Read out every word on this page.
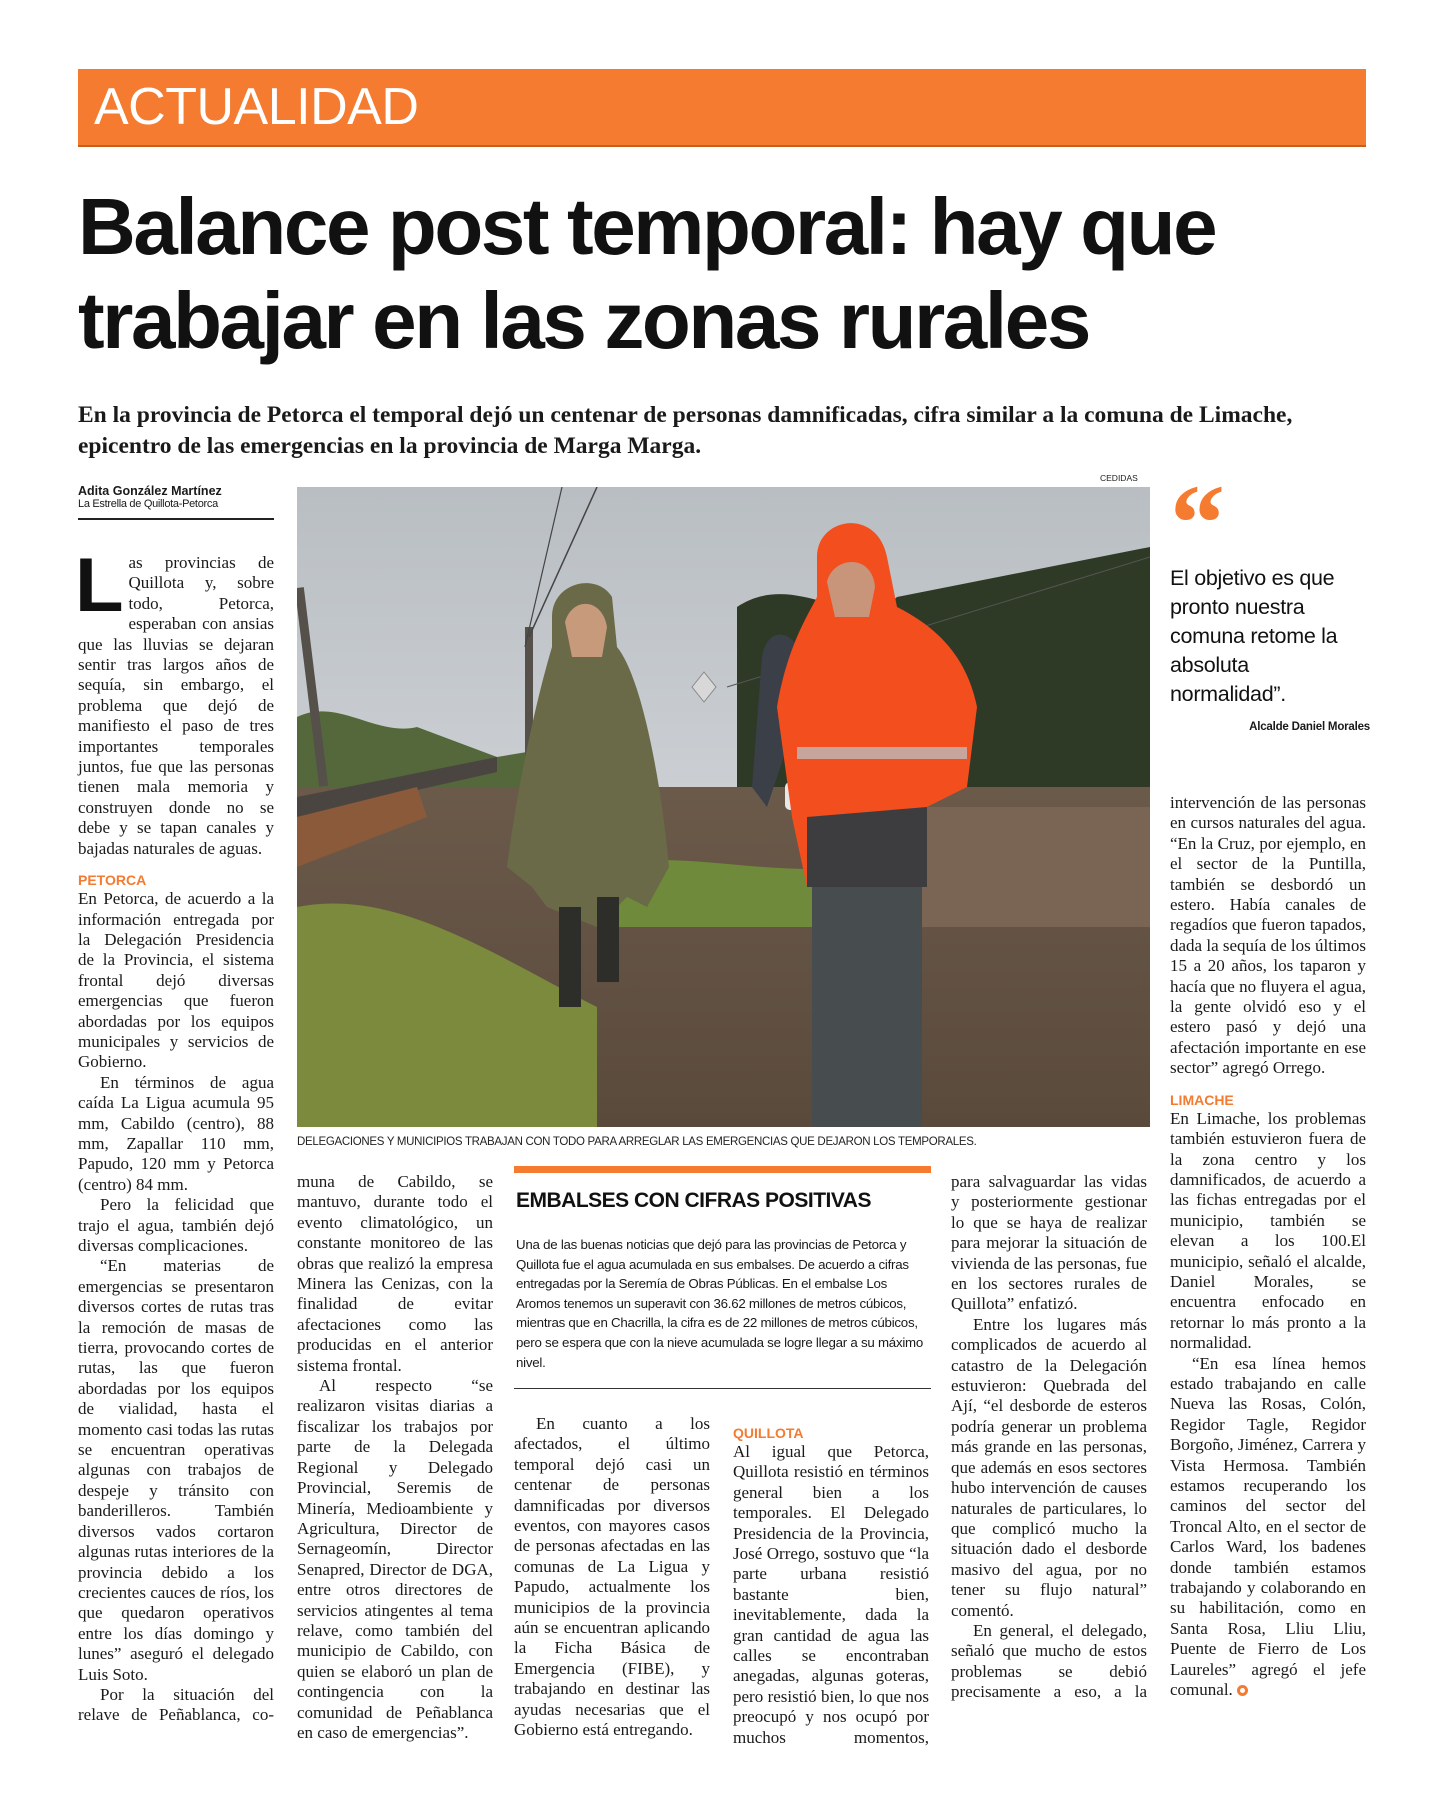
ACTUALIDAD
Balance post temporal: hay que trabajar en las zonas rurales

En la provincia de Petorca el temporal dejó un centenar de personas damnificadas, cifra similar a la comuna de Limache, epicentro de las emergencias en la provincia de Marga Marga.

Adita González Martínez
La Estrella de Quillota-Petorca
CEDIDAS
DELEGACIONES Y MUNICIPIOS TRABAJAN CON TODO PARA ARREGLAR LAS EMERGENCIAS QUE DEJARON LOS TEMPORALES.
“
El objetivo es que pronto nuestra comuna retome la absoluta normalidad”.
Alcalde Daniel Morales
EMBALSES CON CIFRAS POSITIVAS

Una de las buenas noticias que dejó para las provincias de Petorca y Quillota fue el agua acumulada en sus embalses. De acuerdo a cifras entregadas por la Seremía de Obras Públicas. En el embalse Los Aromos tenemos un superavit con 36.62 millones de metros cúbicos, mientras que en Chacrilla, la cifra es de 22 millones de metros cúbicos, pero se espera que con la nieve acumulada se logre llegar a su máximo nivel.

Las provincias de Quillota y, sobre todo, Petorca, esperaban con ansias que las lluvias se dejaran sentir tras largos años de sequía, sin embargo, el problema que dejó de manifiesto el paso de tres importantes temporales juntos, fue que las personas tienen mala memoria y construyen donde no se debe y se tapan canales y bajadas naturales de aguas.

PETORCA

En Petorca, de acuerdo a la información entregada por la Delegación Presidencia de la Provincia, el sistema frontal dejó diversas emergencias que fueron abordadas por los equipos municipales y servicios de Gobierno.

En términos de agua caída La Ligua acumula 95 mm, Cabildo (centro), 88 mm, Zapallar 110 mm, Papudo, 120 mm y Petorca (centro) 84 mm.

Pero la felicidad que trajo el agua, también dejó diversas complicaciones.

“En materias de emergencias se presentaron diversos cortes de rutas tras la remoción de masas de tierra, provocando cortes de rutas, las que fueron abordadas por los equipos de vialidad, hasta el momento casi todas las rutas se encuentran operativas algunas con trabajos de despeje y tránsito con banderilleros. También diversos vados cortaron algunas rutas interiores de la provincia debido a los crecientes cauces de ríos, los que quedaron operativos entre los días domingo y lunes” aseguró el delegado Luis Soto.

Por la situación del relave de Peñablanca, co-

muna de Cabildo, se mantuvo, durante todo el evento climatológico, un constante monitoreo de las obras que realizó la empresa Minera las Cenizas, con la finalidad de evitar afectaciones como las producidas en el anterior sistema frontal.

Al respecto “se realizaron visitas diarias a fiscalizar los trabajos por parte de la Delegada Regional y Delegado Provincial, Seremis de Minería, Medioambiente y Agricultura, Director de Sernageomín, Director Senapred, Director de DGA, entre otros directores de servicios atingentes al tema relave, como también del municipio de Cabildo, con quien se elaboró un plan de contingencia con la comunidad de Peñablanca en caso de emergencias”.

En cuanto a los afectados, el último temporal dejó casi un centenar de personas damnificadas por diversos eventos, con mayores casos de personas afectadas en las comunas de La Ligua y Papudo, actualmente los municipios de la provincia aún se encuentran aplicando la Ficha Básica de Emergencia (FIBE), y trabajando en destinar las ayudas necesarias que el Gobierno está entregando.

QUILLOTA

Al igual que Petorca, Quillota resistió en términos general bien a los temporales. El Delegado Presidencia de la Provincia, José Orrego, sostuvo que “la parte urbana resistió bastante bien, inevitablemente, dada la gran cantidad de agua las calles se encontraban anegadas, algunas goteras, pero resistió bien, lo que nos preocupó y nos ocupó por muchos momentos,

para salvaguardar las vidas y posteriormente gestionar lo que se haya de realizar para mejorar la situación de vivienda de las personas, fue en los sectores rurales de Quillota” enfatizó.

Entre los lugares más complicados de acuerdo al catastro de la Delegación estuvieron: Quebrada del Ají, “el desborde de esteros podría generar un problema más grande en las personas, que además en esos sectores hubo intervención de causes naturales de particulares, lo que complicó mucho la situación dado el desborde masivo del agua, por no tener su flujo natural” comentó.

En general, el delegado, señaló que mucho de estos problemas se debió precisamente a eso, a la

intervención de las personas en cursos naturales del agua. “En la Cruz, por ejemplo, en el sector de la Puntilla, también se desbordó un estero. Había canales de regadíos que fueron tapados, dada la sequía de los últimos 15 a 20 años, los taparon y hacía que no fluyera el agua, la gente olvidó eso y el estero pasó y dejó una afectación importante en ese sector” agregó Orrego.

LIMACHE

En Limache, los problemas también estuvieron fuera de la zona centro y los damnificados, de acuerdo a las fichas entregadas por el municipio, también se elevan a los 100.El municipio, señaló el alcalde, Daniel Morales, se encuentra enfocado en retornar lo más pronto a la normalidad.

“En esa línea hemos estado trabajando en calle Nueva las Rosas, Colón, Regidor Tagle, Regidor Borgoño, Jiménez, Carrera y Vista Hermosa. También estamos recuperando los caminos del sector del Troncal Alto, en el sector de Carlos Ward, los badenes donde también estamos trabajando y colaborando en su habilitación, como en Santa Rosa, Lliu Lliu, Puente de Fierro de Los Laureles” agregó el jefe comunal.
